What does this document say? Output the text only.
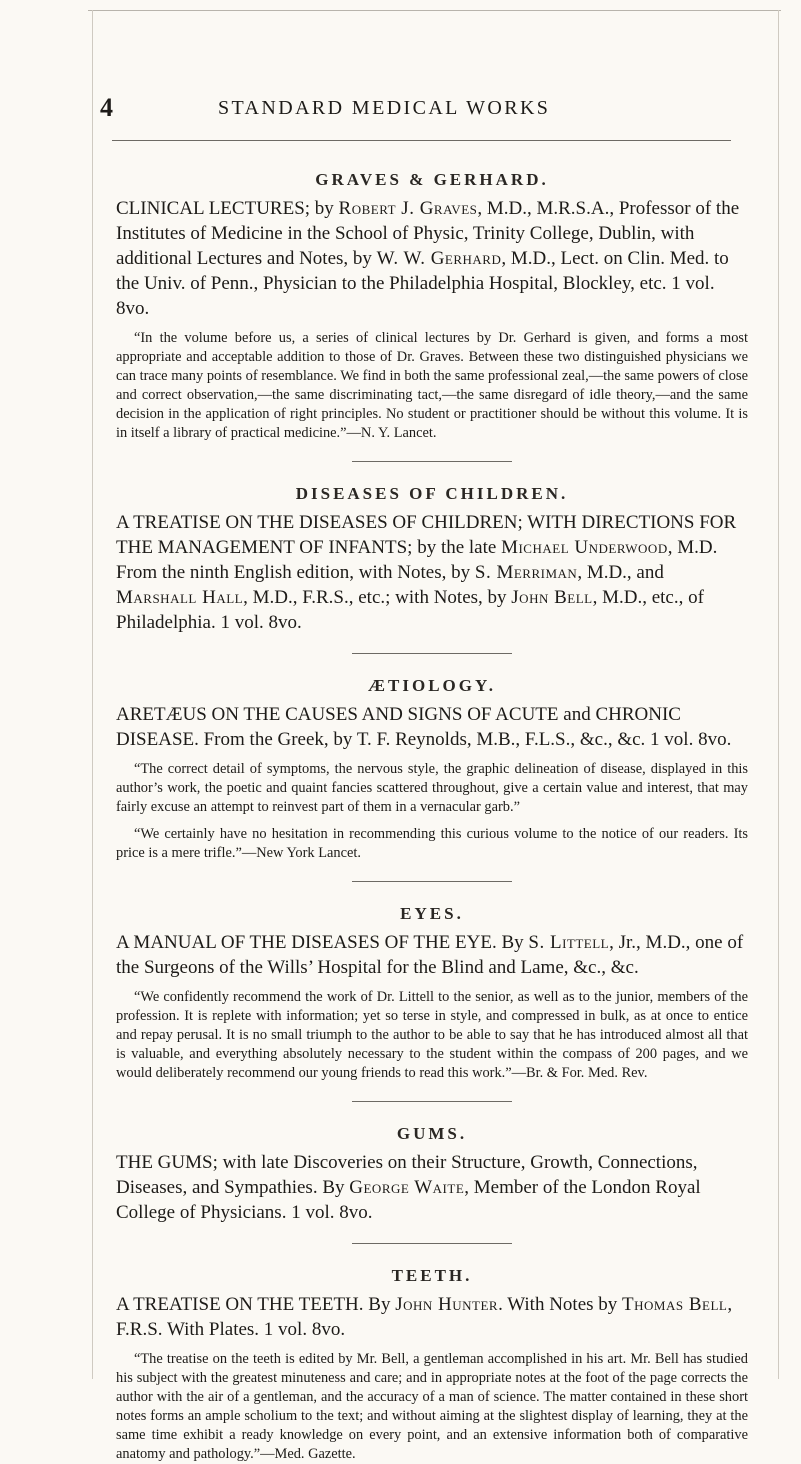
4	STANDARD MEDICAL WORKS
GRAVES & GERHARD.

CLINICAL LECTURES; by Robert J. Graves, M.D., M.R.S.A., Professor of the Institutes of Medicine in the School of Physic, Trinity College, Dublin, with additional Lectures and Notes, by W. W. Gerhard, M.D., Lect. on Clin. Med. to the Univ. of Penn., Physician to the Philadelphia Hospital, Blockley, etc. 1 vol. 8vo.

“In the volume before us, a series of clinical lectures by Dr. Gerhard is given, and forms a most appropriate and acceptable addition to those of Dr. Graves. Between these two distinguished physicians we can trace many points of resemblance. We find in both the same professional zeal,—the same powers of close and correct observation,—the same discriminating tact,—the same disregard of idle theory,—and the same decision in the application of right principles. No student or practitioner should be without this volume. It is in itself a library of practical medicine.”—N. Y. Lancet.

DISEASES OF CHILDREN.

A TREATISE ON THE DISEASES OF CHILDREN; WITH DIRECTIONS FOR THE MANAGEMENT OF INFANTS; by the late Michael Underwood, M.D. From the ninth English edition, with Notes, by S. Merriman, M.D., and Marshall Hall, M.D., F.R.S., etc.; with Notes, by John Bell, M.D., etc., of Philadelphia. 1 vol. 8vo.

ÆTIOLOGY.

ARETÆUS ON THE CAUSES AND SIGNS OF ACUTE and CHRONIC DISEASE. From the Greek, by T. F. Reynolds, M.B., F.L.S., &c., &c. 1 vol. 8vo.

“The correct detail of symptoms, the nervous style, the graphic delineation of disease, displayed in this author’s work, the poetic and quaint fancies scattered throughout, give a certain value and interest, that may fairly excuse an attempt to reinvest part of them in a vernacular garb.”

“We certainly have no hesitation in recommending this curious volume to the notice of our readers. Its price is a mere trifle.”—New York Lancet.

EYES.

A MANUAL OF THE DISEASES OF THE EYE. By S. Littell, Jr., M.D., one of the Surgeons of the Wills’ Hospital for the Blind and Lame, &c., &c.

“We confidently recommend the work of Dr. Littell to the senior, as well as to the junior, members of the profession. It is replete with information; yet so terse in style, and compressed in bulk, as at once to entice and repay perusal. It is no small triumph to the author to be able to say that he has introduced almost all that is valuable, and everything absolutely necessary to the student within the compass of 200 pages, and we would deliberately recommend our young friends to read this work.”—Br. & For. Med. Rev.

GUMS.

THE GUMS; with late Discoveries on their Structure, Growth, Connections, Diseases, and Sympathies. By George Waite, Member of the London Royal College of Physicians. 1 vol. 8vo.

TEETH.

A TREATISE ON THE TEETH. By John Hunter. With Notes by Thomas Bell, F.R.S. With Plates. 1 vol. 8vo.

“The treatise on the teeth is edited by Mr. Bell, a gentleman accomplished in his art. Mr. Bell has studied his subject with the greatest minuteness and care; and in appropriate notes at the foot of the page corrects the author with the air of a gentleman, and the accuracy of a man of science. The matter contained in these short notes forms an ample scholium to the text; and without aiming at the slightest display of learning, they at the same time exhibit a ready knowledge on every point, and an extensive information both of comparative anatomy and pathology.”—Med. Gazette.
